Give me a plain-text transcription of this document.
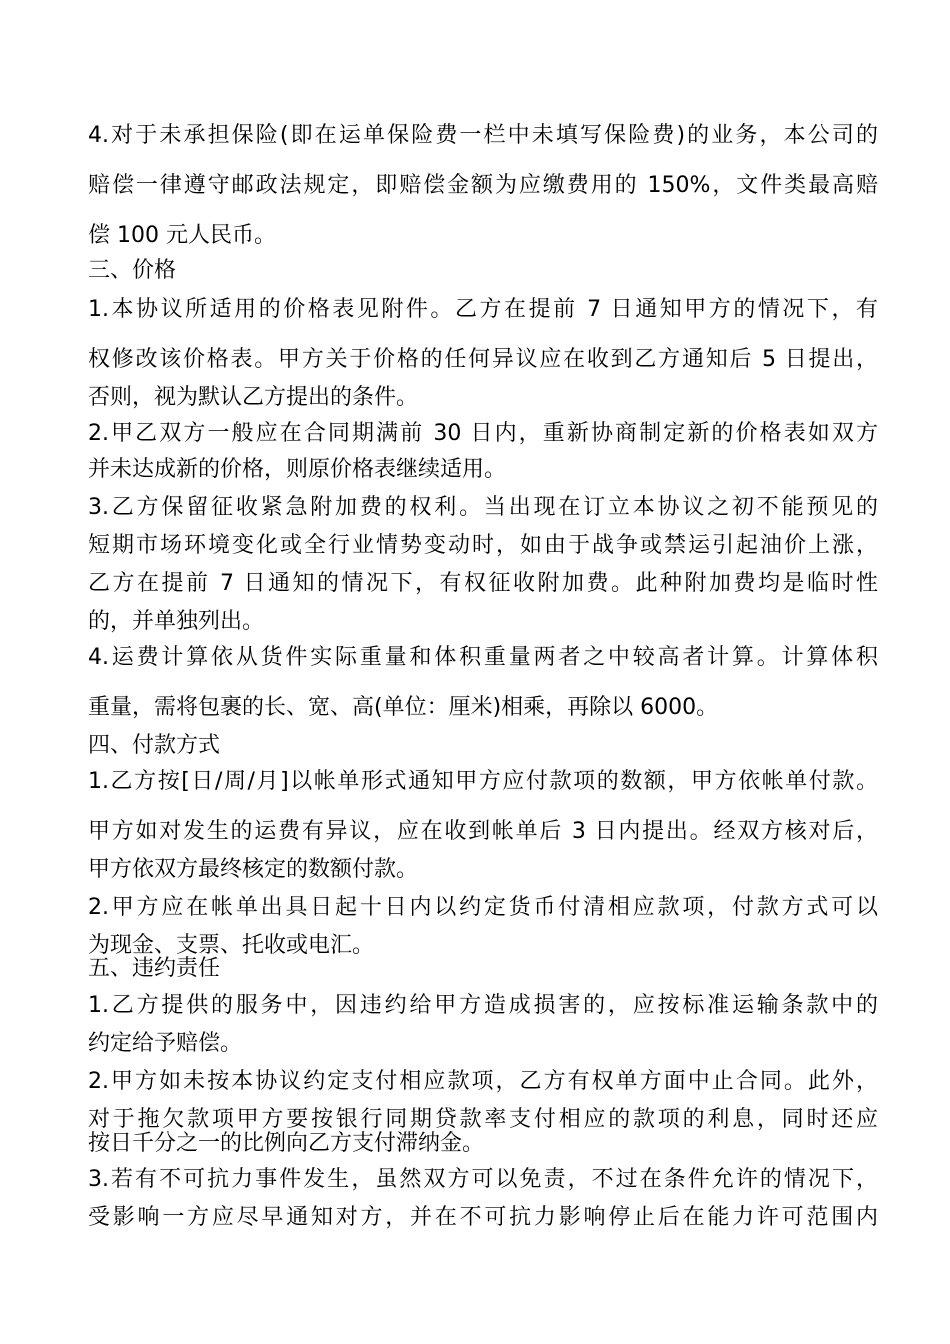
4.对于未承担保险(即在运单保险费一栏中未填写保险费)的业务，本公司的

赔偿一律遵守邮政法规定，即赔偿金额为应缴费用的 150%，文件类最高赔

偿 100 元人民币。

三、价格

1.本协议所适用的价格表见附件。乙方在提前 7 日通知甲方的情况下，有

权修改该价格表。甲方关于价格的任何异议应在收到乙方通知后 5 日提出，

否则，视为默认乙方提出的条件。

2.甲乙双方一般应在合同期满前 30 日内，重新协商制定新的价格表如双方

并未达成新的价格，则原价格表继续适用。

3.乙方保留征收紧急附加费的权利。当出现在订立本协议之初不能预见的

短期市场环境变化或全行业情势变动时，如由于战争或禁运引起油价上涨，

乙方在提前 7 日通知的情况下，有权征收附加费。此种附加费均是临时性

的，并单独列出。

4.运费计算依从货件实际重量和体积重量两者之中较高者计算。计算体积

重量，需将包裹的长、宽、高(单位：厘米)相乘，再除以 6000。

四、付款方式

1.乙方按[日/周/月]以帐单形式通知甲方应付款项的数额，甲方依帐单付款。

甲方如对发生的运费有异议，应在收到帐单后 3 日内提出。经双方核对后，

甲方依双方最终核定的数额付款。

2.甲方应在帐单出具日起十日内以约定货币付清相应款项，付款方式可以

为现金、支票、托收或电汇。

五、违约责任

1.乙方提供的服务中，因违约给甲方造成损害的，应按标准运输条款中的

约定给予赔偿。

2.甲方如未按本协议约定支付相应款项，乙方有权单方面中止合同。此外，

对于拖欠款项甲方要按银行同期贷款率支付相应的款项的利息，同时还应

按日千分之一的比例向乙方支付滞纳金。

3.若有不可抗力事件发生，虽然双方可以免责，不过在条件允许的情况下，

受影响一方应尽早通知对方，并在不可抗力影响停止后在能力许可范围内
